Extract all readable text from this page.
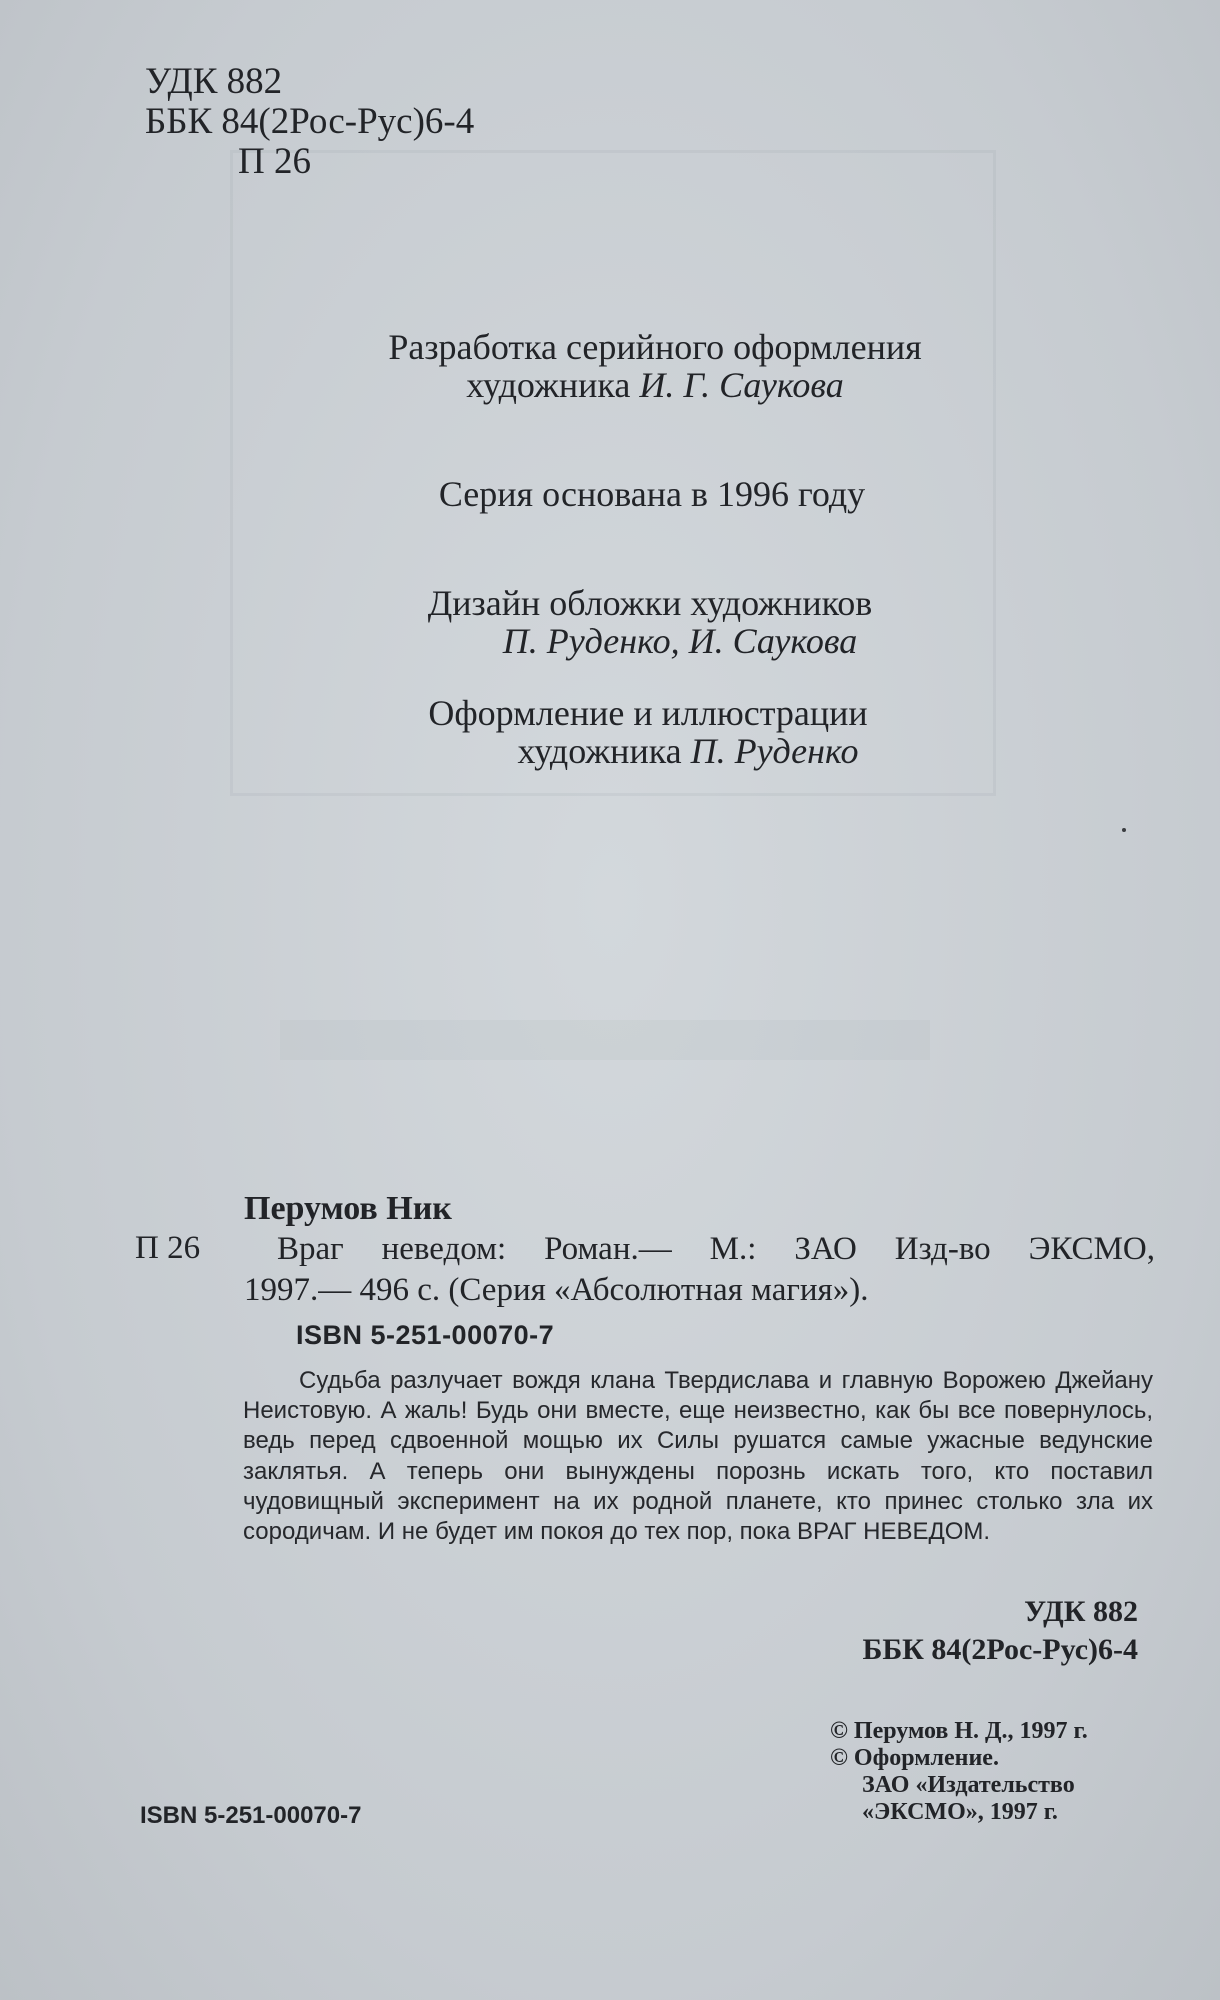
УДК 882

ББК 84(2Рос-Рус)6-4

П 26

Разработка серийного оформления

художника И. Г. Саукова

Серия основана в 1996 году

Дизайн обложки художников

П. Руденко, И. Саукова

Оформление и иллюстрации

художника П. Руденко

Перумов Ник

П 26 Враг неведом: Роман.— М.: ЗАО Изд-во ЭКСМО,

1997.— 496 с. (Серия «Абсолютная магия»).

ISBN 5-251-00070-7

Судьба разлучает вождя клана Твердислава и главную Ворожею Джейану Неистовую. А жаль! Будь они вместе, еще неизвестно, как бы все повернулось, ведь перед сдвоенной мощью их Силы рушатся самые ужасные ведунские заклятья. А теперь они вынуждены порознь искать того, кто поставил чудовищный эксперимент на их родной планете, кто принес столько зла их сородичам. И не будет им покоя до тех пор, пока ВРАГ НЕВЕДОМ.

УДК 882

ББК 84(2Рос-Рус)6-4

© Перумов Н. Д., 1997 г.

© Оформление.

ЗАО «Издательство

«ЭКСМО», 1997 г.

ISBN 5-251-00070-7
